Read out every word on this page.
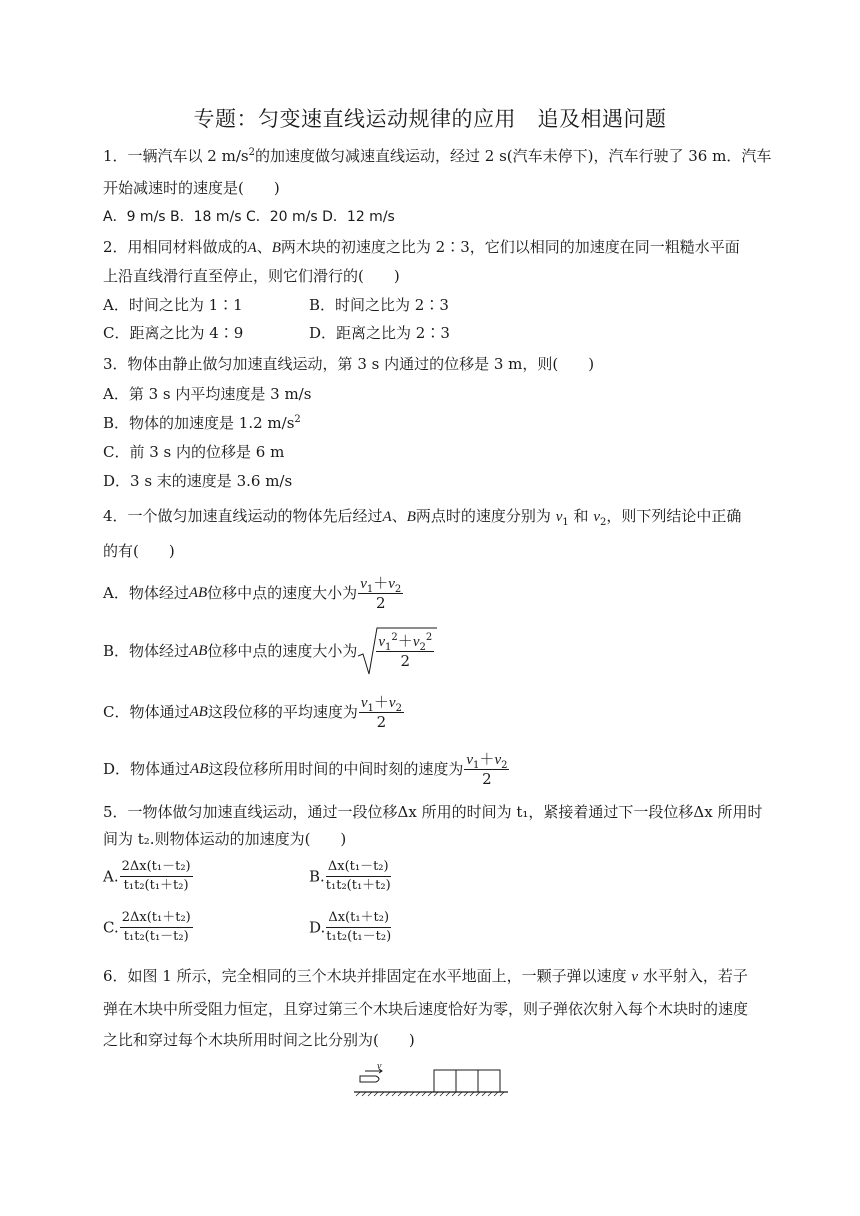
专题：匀变速直线运动规律的应用　追及相遇问题
1．一辆汽车以 2 $m/s^2$的加速度做匀减速直线运动，经过 2 s(汽车未停下)，汽车行驶了 36 m．汽车
开始减速时的速度是(　　)
A．9 m/s B．18 m/s C．20 m/s D．12 m/s
2．用相同材料做成的A、B两木块的初速度之比为 2∶3，它们以相同的加速度在同一粗糙水平面
上沿直线滑行直至停止，则它们滑行的(　　)
A．时间之比为 1∶1	B．时间之比为 2∶3
C．距离之比为 4∶9	D．距离之比为 2∶3
3．物体由静止做匀加速直线运动，第 3 s 内通过的位移是 3 m，则(　　)
A．第 3 s 内平均速度是 3 m/s
B．物体的加速度是 1.2 $m/s^2$
C．前 3 s 内的位移是 6 m
D．3 s 末的速度是 3.6 m/s
4．一个做匀加速直线运动的物体先后经过A、B两点时的速度分别为 $v_1$ 和 $v_2$，则下列结论中正确
的有(　　)
A．物体经过AB位移中点的速度大小为 $\frac{v_1+v_2}{2}$
B．物体经过AB位移中点的速度大小为 $\frac{v_1^2+v_2^2}{2}$
C．物体通过AB这段位移的平均速度为 $\frac{v_1+v_2}{2}$
D．物体通过AB这段位移所用时间的中间时刻的速度为 $\frac{v_1+v_2}{2}$
5．一物体做匀加速直线运动，通过一段位移Δx 所用的时间为 t₁，紧接着通过下一段位移Δx 所用时
间为 t₂.则物体运动的加速度为(　　)
A. $\frac{\text{2Δx(t₁－t₂)}}{\text{t₁t₂(t₁＋t₂)}}$	B. $\frac{\text{Δx(t₁－t₂)}}{\text{t₁t₂(t₁＋t₂)}}$
C. $\frac{\text{2Δx(t₁＋t₂)}}{\text{t₁t₂(t₁－t₂)}}$	D. $\frac{\text{Δx(t₁＋t₂)}}{\text{t₁t₂(t₁－t₂)}}$
6．如图 1 所示，完全相同的三个木块并排固定在水平地面上，一颗子弹以速度 v 水平射入，若子
弹在木块中所受阻力恒定，且穿过第三个木块后速度恰好为零，则子弹依次射入每个木块时的速度
之比和穿过每个木块所用时间之比分别为(　　)
v
